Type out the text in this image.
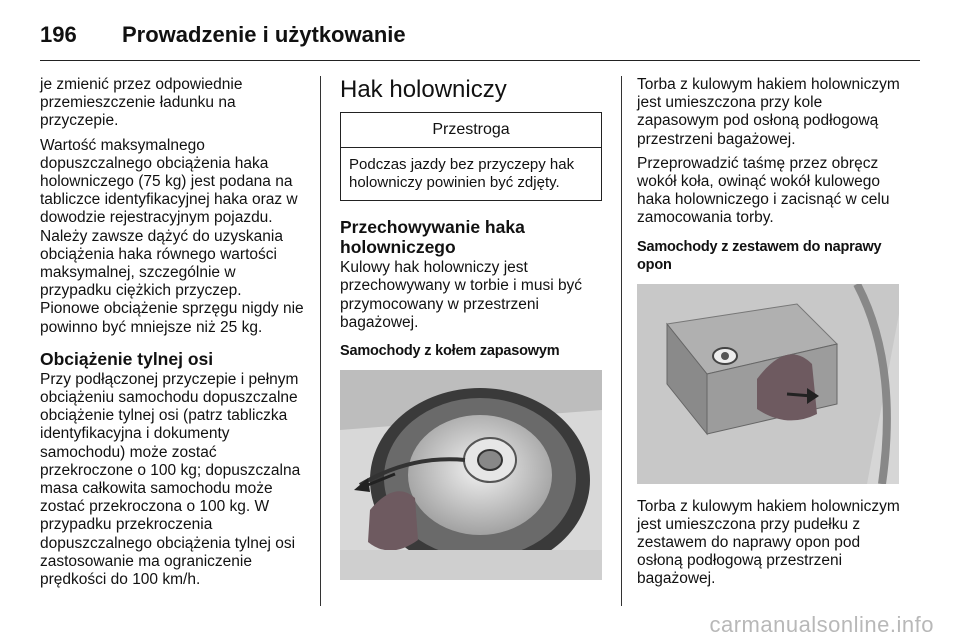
196 Prowadzenie i użytkowanie

je zmienić przez odpowiednie przemieszczenie ładunku na przyczepie.

Wartość maksymalnego dopuszczalnego obciążenia haka holowniczego (75 kg) jest podana na tabliczce identyfikacyjnej haka oraz w dowodzie rejestracyjnym pojazdu. Należy zawsze dążyć do uzyskania obciążenia haka równego wartości maksymalnej, szczególnie w przypadku ciężkich przyczep. Pionowe obciążenie sprzęgu nigdy nie powinno być mniejsze niż 25 kg.

Obciążenie tylnej osi

Przy podłączonej przyczepie i pełnym obciążeniu samochodu dopuszczalne obciążenie tylnej osi (patrz tabliczka identyfikacyjna i dokumenty samochodu) może zostać przekroczone o 100 kg; dopuszczalna masa całkowita samochodu może zostać przekroczona o 100 kg. W przypadku przekroczenia dopuszczalnego obciążenia tylnej osi zastosowanie ma ograniczenie prędkości do 100 km/h.

Hak holowniczy
Przestroga
Podczas jazdy bez przyczepy hak holowniczy powinien być zdjęty.
Przechowywanie haka holowniczego

Kulowy hak holowniczy jest przechowywany w torbie i musi być przymocowany w przestrzeni bagażowej.

Samochody z kołem zapasowym

Torba z kulowym hakiem holowniczym jest umieszczona przy kole zapasowym pod osłoną podłogową przestrzeni bagażowej.

Przeprowadzić taśmę przez obręcz wokół koła, owinąć wokół kulowego haka holowniczego i zacisnąć w celu zamocowania torby.

Samochody z zestawem do naprawy opon

Torba z kulowym hakiem holowniczym jest umieszczona przy pudełku z zestawem do naprawy opon pod osłoną podłogową przestrzeni bagażowej.

carmanualsonline.info
